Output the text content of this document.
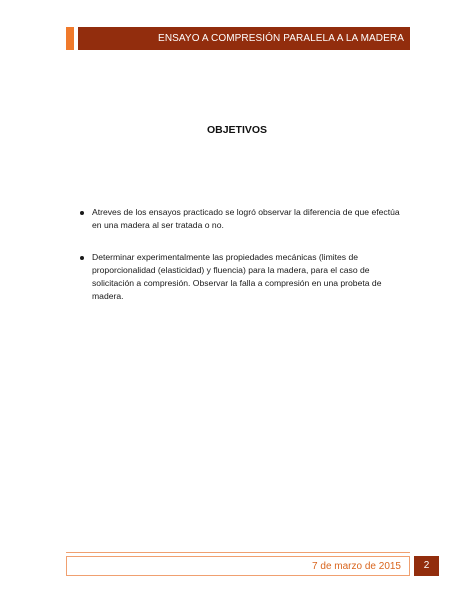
ENSAYO A COMPRESIÓN PARALELA A LA MADERA
OBJETIVOS
Atreves de los ensayos practicado se logró observar la diferencia de que efectúa en una madera al ser tratada o no.
Determinar experimentalmente las propiedades mecánicas (limites de proporcionalidad (elasticidad) y fluencia) para la madera, para el caso de solicitación a compresión. Observar la falla a compresión en una probeta de madera.
7 de marzo de 2015	2
